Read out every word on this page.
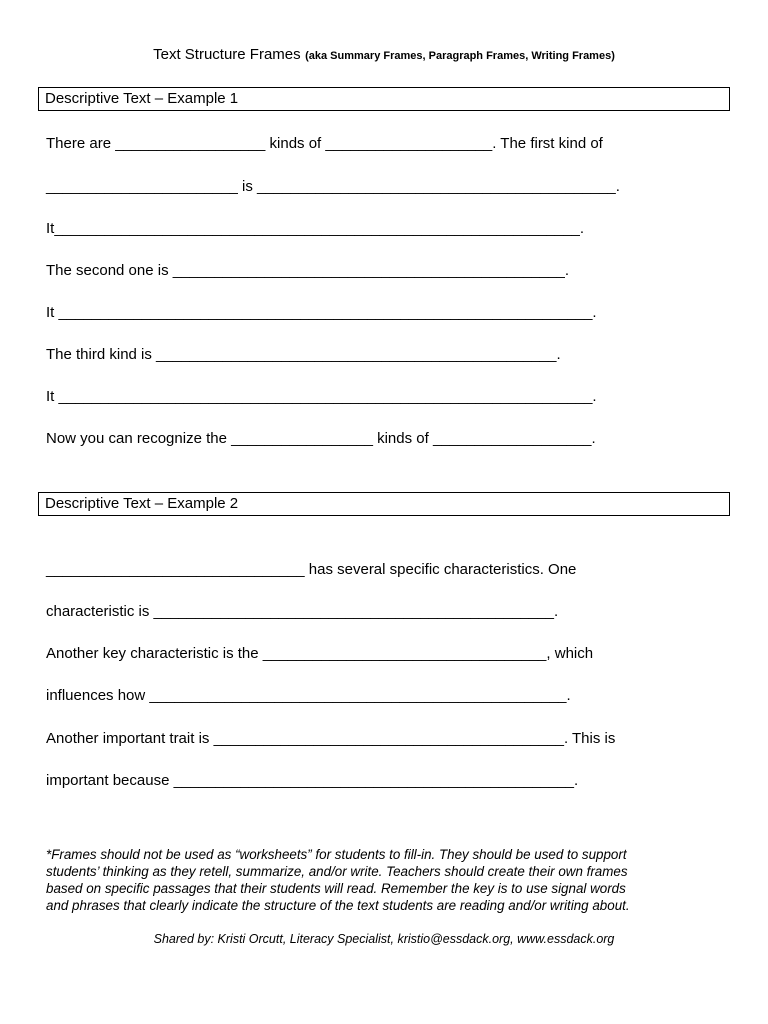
Text Structure Frames (aka Summary Frames, Paragraph Frames, Writing Frames)
Descriptive Text – Example 1
There are __________________ kinds of ____________________. The first kind of
_______________________ is ___________________________________________.
It_______________________________________________________________.
The second one is _______________________________________________.
It ________________________________________________________________.
The third kind is ________________________________________________.
It ________________________________________________________________.
Now you can recognize the _________________ kinds of ___________________.
Descriptive Text – Example 2
_______________________________ has several specific characteristics. One
characteristic is ________________________________________________.
Another key characteristic is the __________________________________, which
influences how __________________________________________________.
Another important trait is __________________________________________. This is
important because ________________________________________________.
*Frames should not be used as “worksheets” for students to fill-in. They should be used to support
students’ thinking as they retell, summarize, and/or write. Teachers should create their own frames
based on specific passages that their students will read. Remember the key is to use signal words
and phrases that clearly indicate the structure of the text students are reading and/or writing about.
Shared by: Kristi Orcutt, Literacy Specialist, kristio@essdack.org, www.essdack.org
